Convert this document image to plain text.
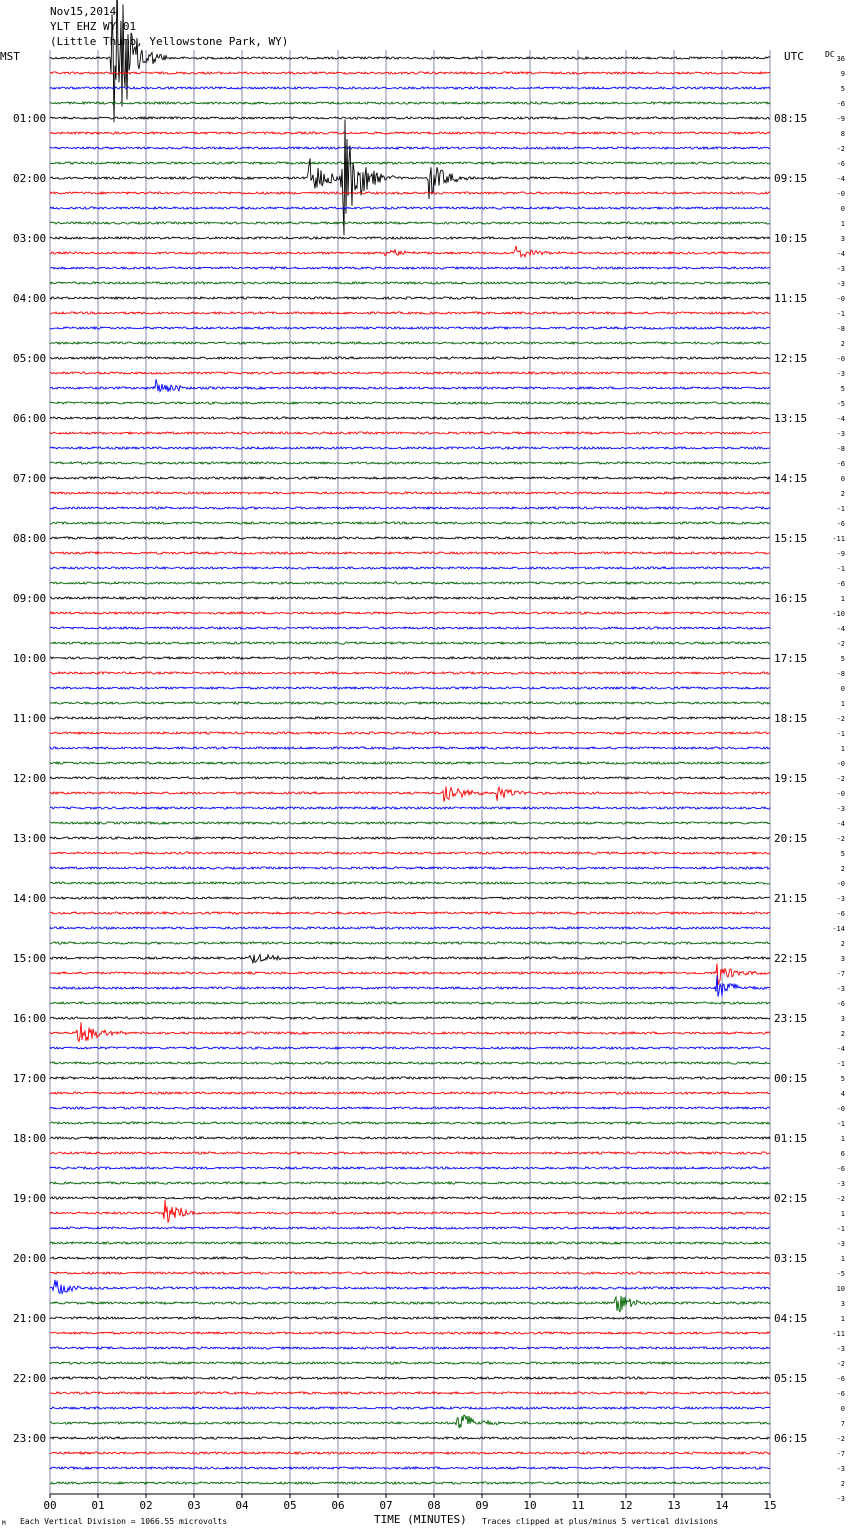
Nov15,2014
YLT EHZ WY 01
(Little Thumb, Yellowstone Park, WY)
MST	UTC	DC
00	01	02	03	04	05	06	07	08	09	10	11	12	13	14	15
01:00
02:00
03:00
04:00
05:00
06:00
07:00
08:00
09:00
10:00
11:00
12:00
13:00
14:00
15:00
16:00
17:00
18:00
19:00
20:00
21:00
22:00
23:00
08:15
09:15
10:15
11:15
12:15
13:15
14:15
15:15
16:15
17:15
18:15
19:15
20:15
21:15
22:15
23:15
00:15
01:15
02:15
03:15
04:15
05:15
06:15
36
9
5
-6
-9
8
-2
-6
-4
-0
0
1
3
-4
-3
-3
-0
-1
-8
2
-0
-3
5
-5
-4
-3
-8
-6
0
2
-1
-6
-11
-9
-1
-6
1
-10
-4
-2
5
-8
0
1
-2
-1
1
-0
-2
-0
-3
-4
-2
5
2
-0
-3
-6
-14
2
3
-7
-3
-6
3
2
-4
-1
5
4
-0
-1
1
6
-6
-3
-2
1
-1
-3
1
-5
10
3
1
-11
-3
-2
-6
-6
0
7
-2
-7
-3
2
-3
Each Vertical Division = 1066.55 microvolts	TIME (MINUTES) Traces clipped at plus/minus 5 vertical divisions
M
